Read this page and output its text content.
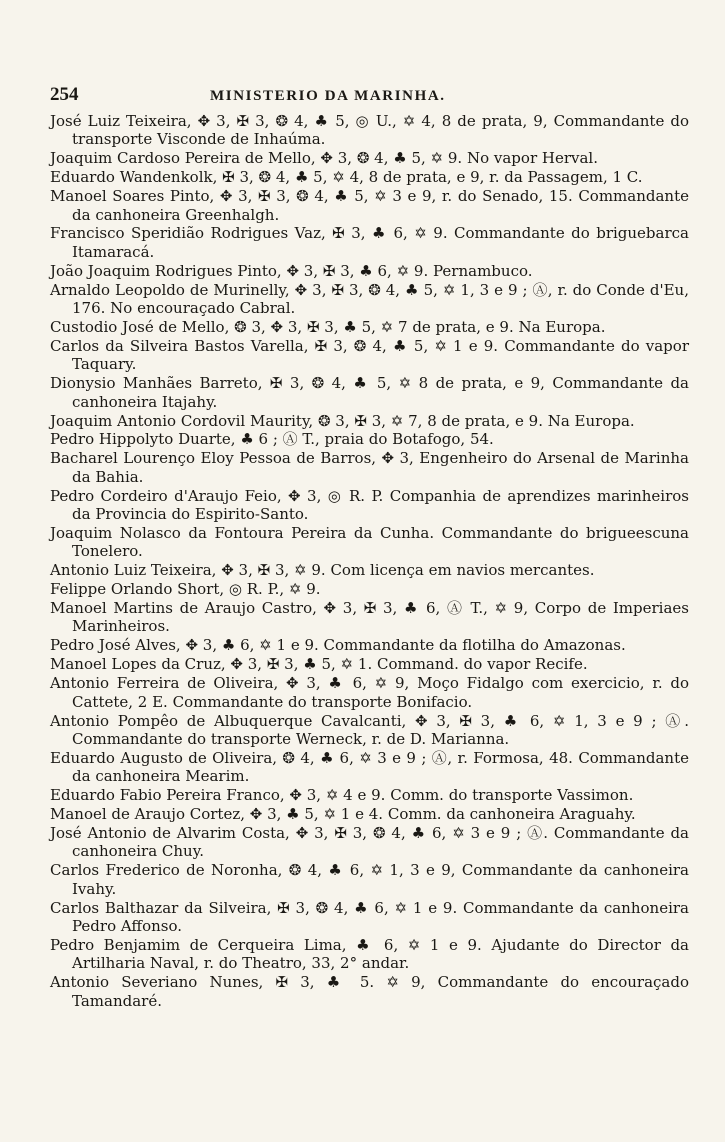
254	MINISTERIO DA MARINHA.

José Luiz Teixeira, ✥ 3, ✠ 3, ❂ 4, ♣ 5, ◎ U., ✡ 4, 8 de prata, 9, Commandante do transporte Visconde de Inhaúma.

Joaquim Cardoso Pereira de Mello, ✥ 3, ❂ 4, ♣ 5, ✡ 9. No vapor Herval.

Eduardo Wandenkolk, ✠ 3, ❂ 4, ♣ 5, ✡ 4, 8 de prata, e 9, r. da Passagem, 1 C.

Manoel Soares Pinto, ✥ 3, ✠ 3, ❂ 4, ♣ 5, ✡ 3 e 9, r. do Senado, 15. Commandante da canhoneira Greenhalgh.

Francisco Speridião Rodrigues Vaz, ✠ 3, ♣ 6, ✡ 9. Commandante do briguebarca Itamaracá.

João Joaquim Rodrigues Pinto, ✥ 3, ✠ 3, ♣ 6, ✡ 9. Pernambuco.

Arnaldo Leopoldo de Murinelly, ✥ 3, ✠ 3, ❂ 4, ♣ 5, ✡ 1, 3 e 9 ; Ⓐ, r. do Conde d'Eu, 176. No encouraçado Cabral.

Custodio José de Mello, ❂ 3, ✥ 3, ✠ 3, ♣ 5, ✡ 7 de prata, e 9. Na Europa.

Carlos da Silveira Bastos Varella, ✠ 3, ❂ 4, ♣ 5, ✡ 1 e 9. Commandante do vapor Taquary.

Dionysio Manhães Barreto, ✠ 3, ❂ 4, ♣ 5, ✡ 8 de prata, e 9, Commandante da canhoneira Itajahy.

Joaquim Antonio Cordovil Maurity, ❂ 3, ✠ 3, ✡ 7, 8 de prata, e 9. Na Europa.

Pedro Hippolyto Duarte, ♣ 6 ; Ⓐ T., praia do Botafogo, 54.

Bacharel Lourenço Eloy Pessoa de Barros, ✥ 3, Engenheiro do Arsenal de Marinha da Bahia.

Pedro Cordeiro d'Araujo Feio, ✥ 3, ◎ R. P. Companhia de aprendizes marinheiros da Provincia do Espirito-Santo.

Joaquim Nolasco da Fontoura Pereira da Cunha. Commandante do brigueescuna Tonelero.

Antonio Luiz Teixeira, ✥ 3, ✠ 3, ✡ 9. Com licença em navios mercantes.

Felippe Orlando Short, ◎ R. P., ✡ 9.

Manoel Martins de Araujo Castro, ✥ 3, ✠ 3, ♣ 6, Ⓐ T., ✡ 9, Corpo de Imperiaes Marinheiros.

Pedro José Alves, ✥ 3, ♣ 6, ✡ 1 e 9. Commandante da flotilha do Amazonas.

Manoel Lopes da Cruz, ✥ 3, ✠ 3, ♣ 5, ✡ 1. Command. do vapor Recife.

Antonio Ferreira de Oliveira, ✥ 3, ♣ 6, ✡ 9, Moço Fidalgo com exercicio, r. do Cattete, 2 E. Commandante do transporte Bonifacio.

Antonio Pompêo de Albuquerque Cavalcanti, ✥ 3, ✠ 3, ♣ 6, ✡ 1, 3 e 9 ; Ⓐ. Commandante do transporte Werneck, r. de D. Marianna.

Eduardo Augusto de Oliveira, ❂ 4, ♣ 6, ✡ 3 e 9 ; Ⓐ, r. Formosa, 48. Commandante da canhoneira Mearim.

Eduardo Fabio Pereira Franco, ✥ 3, ✡ 4 e 9. Comm. do transporte Vassimon.

Manoel de Araujo Cortez, ✥ 3, ♣ 5, ✡ 1 e 4. Comm. da canhoneira Araguahy.

José Antonio de Alvarim Costa, ✥ 3, ✠ 3, ❂ 4, ♣ 6, ✡ 3 e 9 ; Ⓐ. Commandante da canhoneira Chuy.

Carlos Frederico de Noronha, ❂ 4, ♣ 6, ✡ 1, 3 e 9, Commandante da canhoneira Ivahy.

Carlos Balthazar da Silveira, ✠ 3, ❂ 4, ♣ 6, ✡ 1 e 9. Commandante da canhoneira Pedro Affonso.

Pedro Benjamim de Cerqueira Lima, ♣ 6, ✡ 1 e 9. Ajudante do Director da Artilharia Naval, r. do Theatro, 33, 2° andar.

Antonio Severiano Nunes, ✠ 3, ♣ 5. ✡ 9, Commandante do encouraçado Tamandaré.
